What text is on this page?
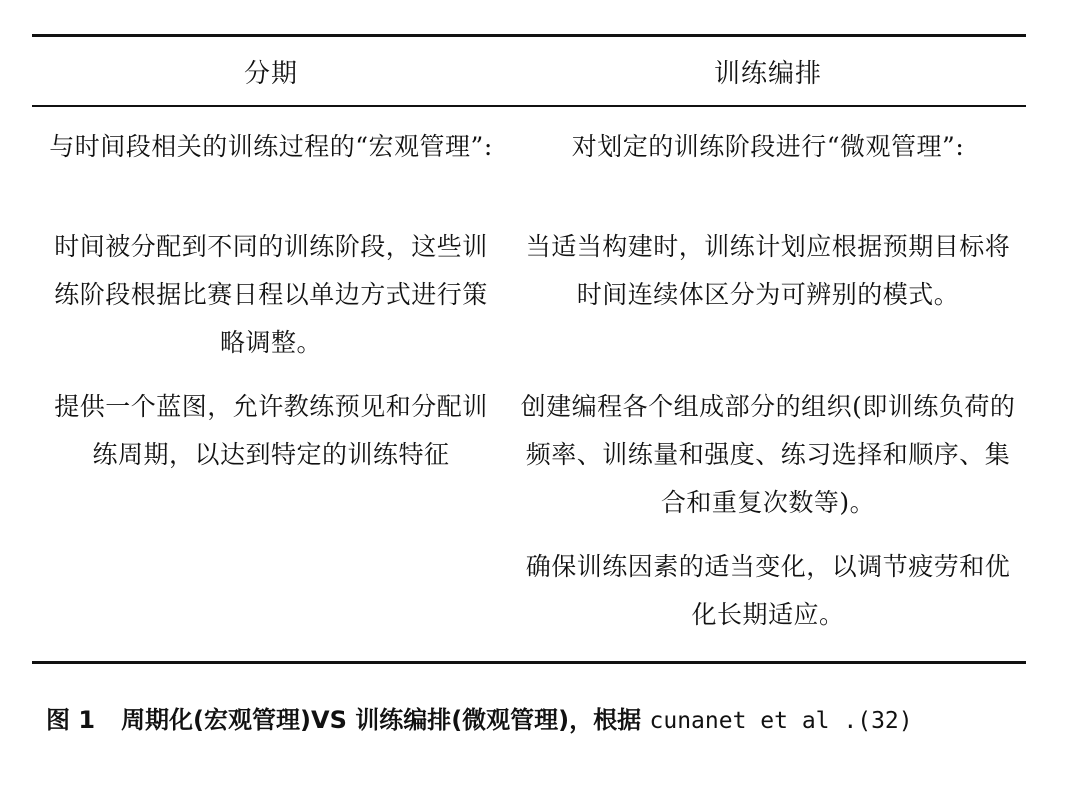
分期	训练编排
与时间段相关的训练过程的“宏观管理”:	对划定的训练阶段进行“微观管理”:
时间被分配到不同的训练阶段，这些训练阶段根据比赛日程以单边方式进行策略调整。
当适当构建时，训练计划应根据预期目标将时间连续体区分为可辨别的模式。
提供一个蓝图，允许教练预见和分配训练周期，以达到特定的训练特征
创建编程各个组成部分的组织(即训练负荷的频率、训练量和强度、练习选择和顺序、集合和重复次数等)。
确保训练因素的适当变化，以调节疲劳和优化长期适应。
图 1 周期化(宏观管理)VS 训练编排(微观管理)，根据 cunanet et al .(32)
